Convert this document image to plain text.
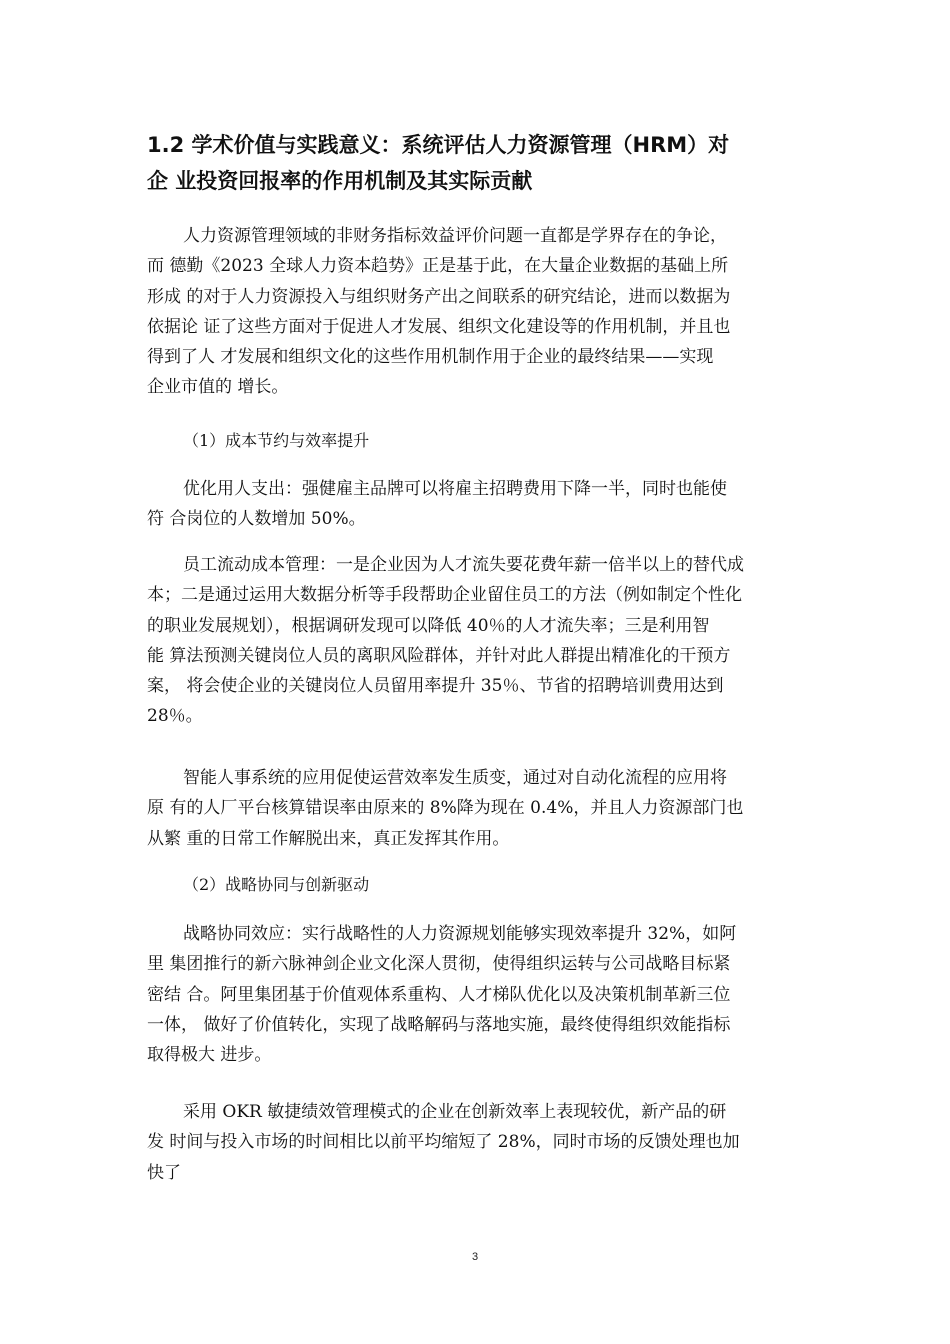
1.2 学术价值与实践意义：系统评估人力资源管理（HRM）对
企 业投资回报率的作用机制及其实际贡献

人力资源管理领域的非财务指标效益评价问题一直都是学界存在的争论，
而 德勤《2023 全球人力资本趋势》正是基于此，在大量企业数据的基础上所
形成 的对于人力资源投入与组织财务产出之间联系的研究结论，进而以数据为
依据论 证了这些方面对于促进人才发展、组织文化建设等的作用机制，并且也
得到了人 才发展和组织文化的这些作用机制作用于企业的最终结果——实现
企业市值的 增长。

（1）成本节约与效率提升

优化用人支出：强健雇主品牌可以将雇主招聘费用下降一半，同时也能使
符 合岗位的人数增加 50%。

员工流动成本管理：一是企业因为人才流失要花费年薪一倍半以上的替代成
本；二是通过运用大数据分析等手段帮助企业留住员工的方法（例如制定个性化
的职业发展规划），根据调研发现可以降低 40％的人才流失率；三是利用智
能 算法预测关键岗位人员的离职风险群体，并针对此人群提出精准化的干预方
案， 将会使企业的关键岗位人员留用率提升 35％、节省的招聘培训费用达到
28％。

智能人事系统的应用促使运营效率发生质变，通过对自动化流程的应用将
原 有的人厂平台核算错误率由原来的 8%降为现在 0.4%，并且人力资源部门也
从繁 重的日常工作解脱出来，真正发挥其作用。

（2）战略协同与创新驱动

战略协同效应：实行战略性的人力资源规划能够实现效率提升 32%，如阿
里 集团推行的新六脉神剑企业文化深人贯彻，使得组织运转与公司战略目标紧
密结 合。阿里集团基于价值观体系重构、人才梯队优化以及决策机制革新三位
一体， 做好了价值转化，实现了战略解码与落地实施，最终使得组织效能指标
取得极大 进步。

采用 OKR 敏捷绩效管理模式的企业在创新效率上表现较优，新产品的研
发 时间与投入市场的时间相比以前平均缩短了 28%，同时市场的反馈处理也加
快了

3
